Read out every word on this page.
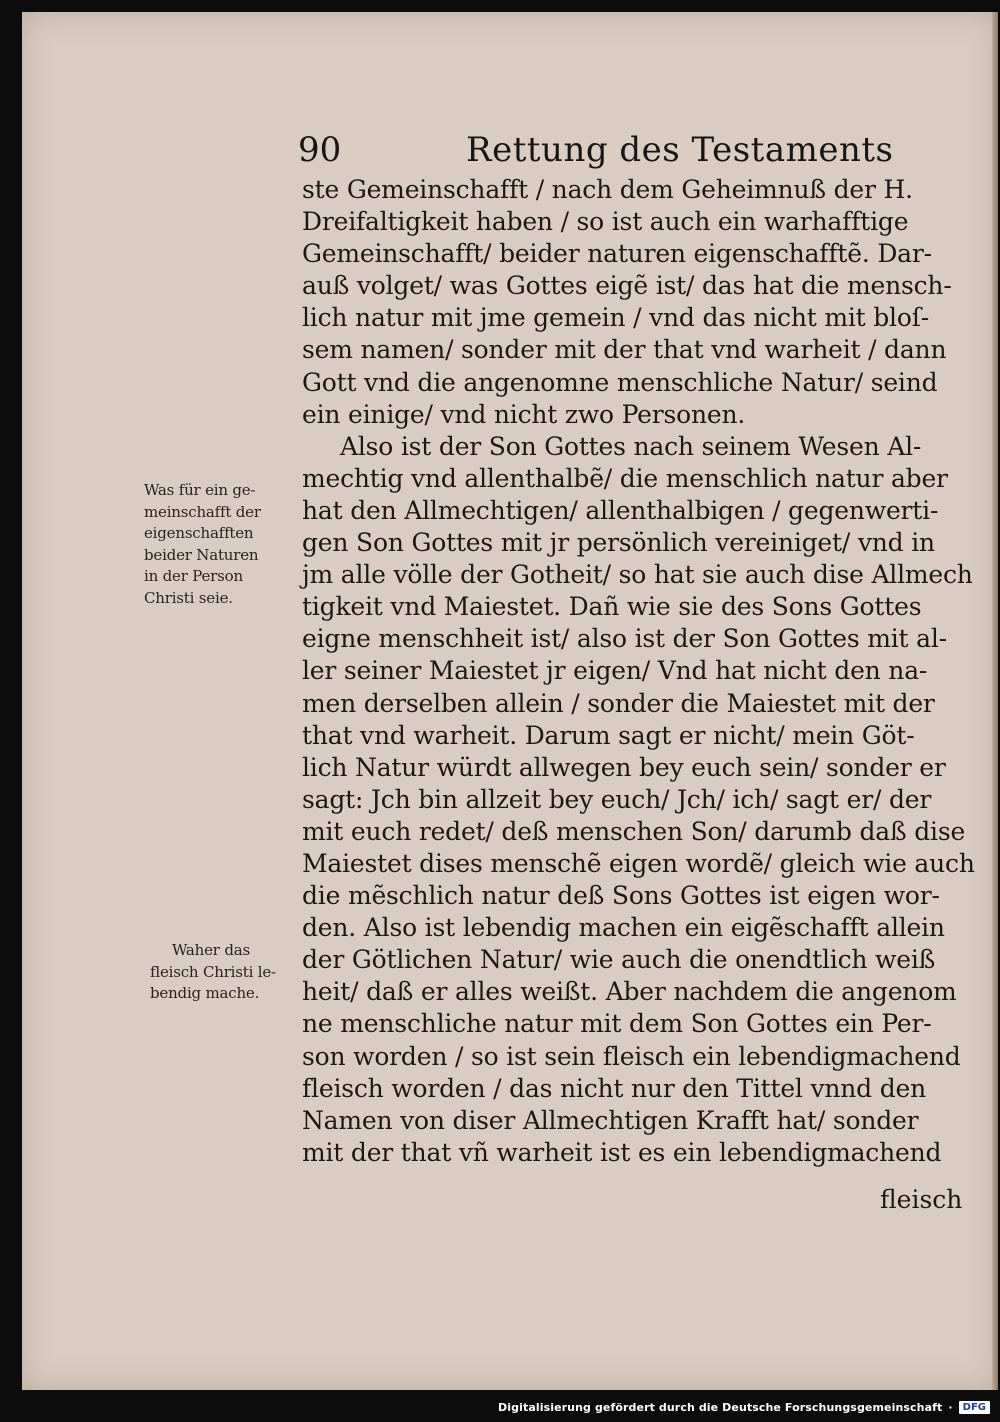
90	Rettung des Testaments
ste Gemeinschafft / nach dem Geheimnuß der H.
Dreifaltigkeit haben / so ist auch ein warhafftige
Gemeinschafft/ beider naturen eigenschafftẽ. Dar-
auß volget/ was Gottes eigẽ ist/ das hat die mensch-
lich natur mit jme gemein / vnd das nicht mit bloſ-
sem namen/ sonder mit der that vnd warheit / dann
Gott vnd die angenomne menschliche Natur/ seind
ein einige/ vnd nicht zwo Personen.
Also ist der Son Gottes nach seinem Wesen Al-
mechtig vnd allenthalbẽ/ die menschlich natur aber
hat den Allmechtigen/ allenthalbigen / gegenwerti-
gen Son Gottes mit jr persönlich vereiniget/ vnd in
jm alle völle der Gotheit/ so hat sie auch dise Allmech
tigkeit vnd Maiestet. Dañ wie sie des Sons Gottes
eigne menschheit ist/ also ist der Son Gottes mit al-
ler seiner Maiestet jr eigen/ Vnd hat nicht den na-
men derselben allein / sonder die Maiestet mit der
that vnd warheit. Darum sagt er nicht/ mein Göt-
lich Natur würdt allwegen bey euch sein/ sonder er
sagt: Jch bin allzeit bey euch/ Jch/ ich/ sagt er/ der
mit euch redet/ deß menschen Son/ darumb daß dise
Maiestet dises menschẽ eigen wordẽ/ gleich wie auch
die mẽschlich natur deß Sons Gottes ist eigen wor-
den. Also ist lebendig machen ein eigẽschafft allein
der Götlichen Natur/ wie auch die onendtlich weiß
heit/ daß er alles weißt. Aber nachdem die angenom
ne menschliche natur mit dem Son Gottes ein Per-
son worden / so ist sein fleisch ein lebendigmachend
fleisch worden / das nicht nur den Tittel vnnd den
Namen von diser Allmechtigen Krafft hat/ sonder
mit der that vñ warheit ist es ein lebendigmachend
fleisch
Was für ein ge-
meinschafft der
eigenschafften
beider Naturen
in der Person
Christi seie.
Waher das
fleisch Christi le-
bendig mache.
Digitalisierung gefördert durch die Deutsche Forschungsgemeinschaft ·	DFG
